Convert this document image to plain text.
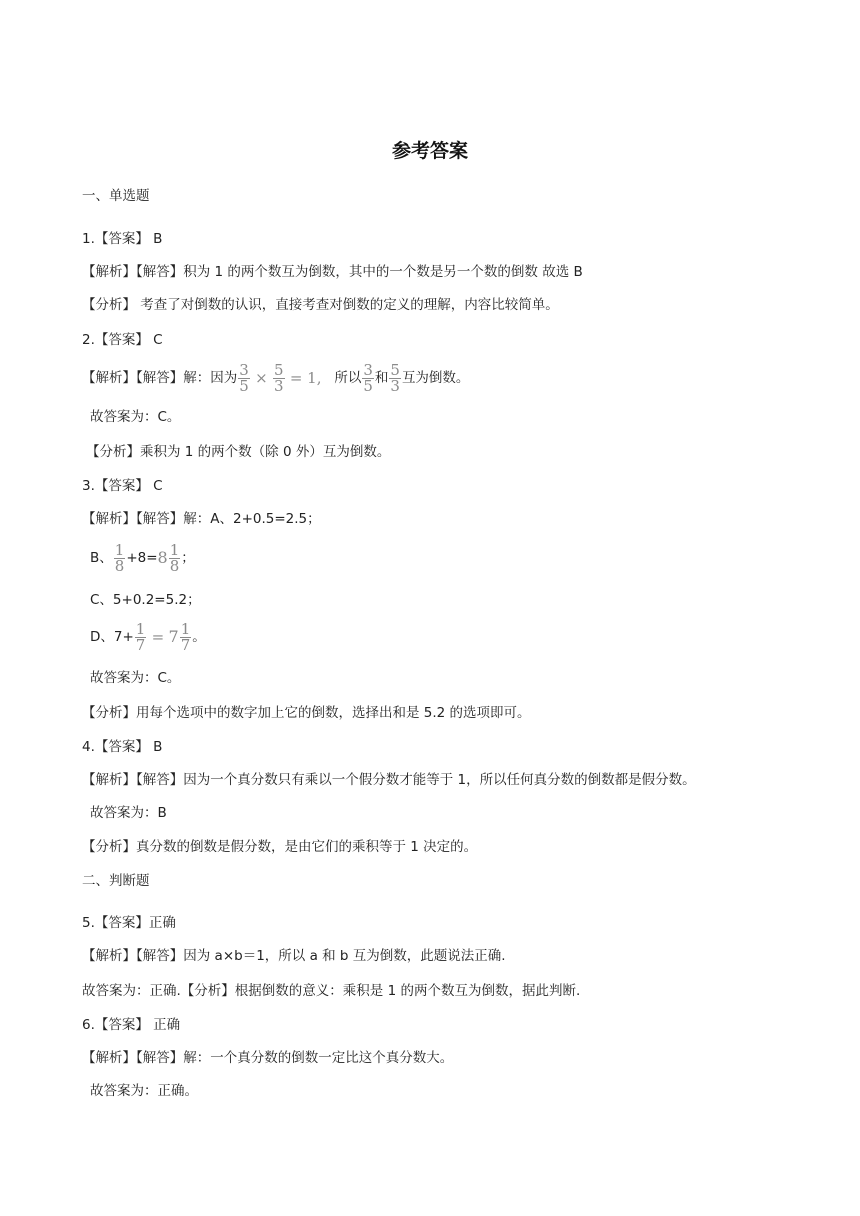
参考答案
一、单选题
1.【答案】 B
【解析】【解答】积为 1 的两个数互为倒数，其中的一个数是另一个数的倒数 故选 B
【分析】 考查了对倒数的认识，直接考查对倒数的定义的理解，内容比较简单。
2.【答案】 C
【解析】【解答】解：因为 $\frac{3}{5} \times \frac{5}{3} = 1$, 所以 $\frac{3}{5}$ 和 $\frac{5}{3}$ 互为倒数。
故答案为：C。
【分析】乘积为 1 的两个数（除 0 外）互为倒数。
3.【答案】 C
【解析】【解答】解：A、2+0.5=2.5；
B、 $\frac{1}{8} +8=8 \frac{1}{8}$ ；
C、5+0.2=5.2；
D、$7+ \frac{1}{7} = 7 \frac{1}{7}$ 。
故答案为：C。
【分析】用每个选项中的数字加上它的倒数，选择出和是 5.2 的选项即可。
4.【答案】 B
【解析】【解答】因为一个真分数只有乘以一个假分数才能等于 1，所以任何真分数的倒数都是假分数。
故答案为：B
【分析】真分数的倒数是假分数，是由它们的乘积等于 1 决定的。
二、判断题
5.【答案】正确
【解析】【解答】因为 a×b＝1，所以 a 和 b 互为倒数，此题说法正确.
故答案为：正确.【分析】根据倒数的意义：乘积是 1 的两个数互为倒数，据此判断.
6.【答案】 正确
【解析】【解答】解：一个真分数的倒数一定比这个真分数大。
故答案为：正确。
